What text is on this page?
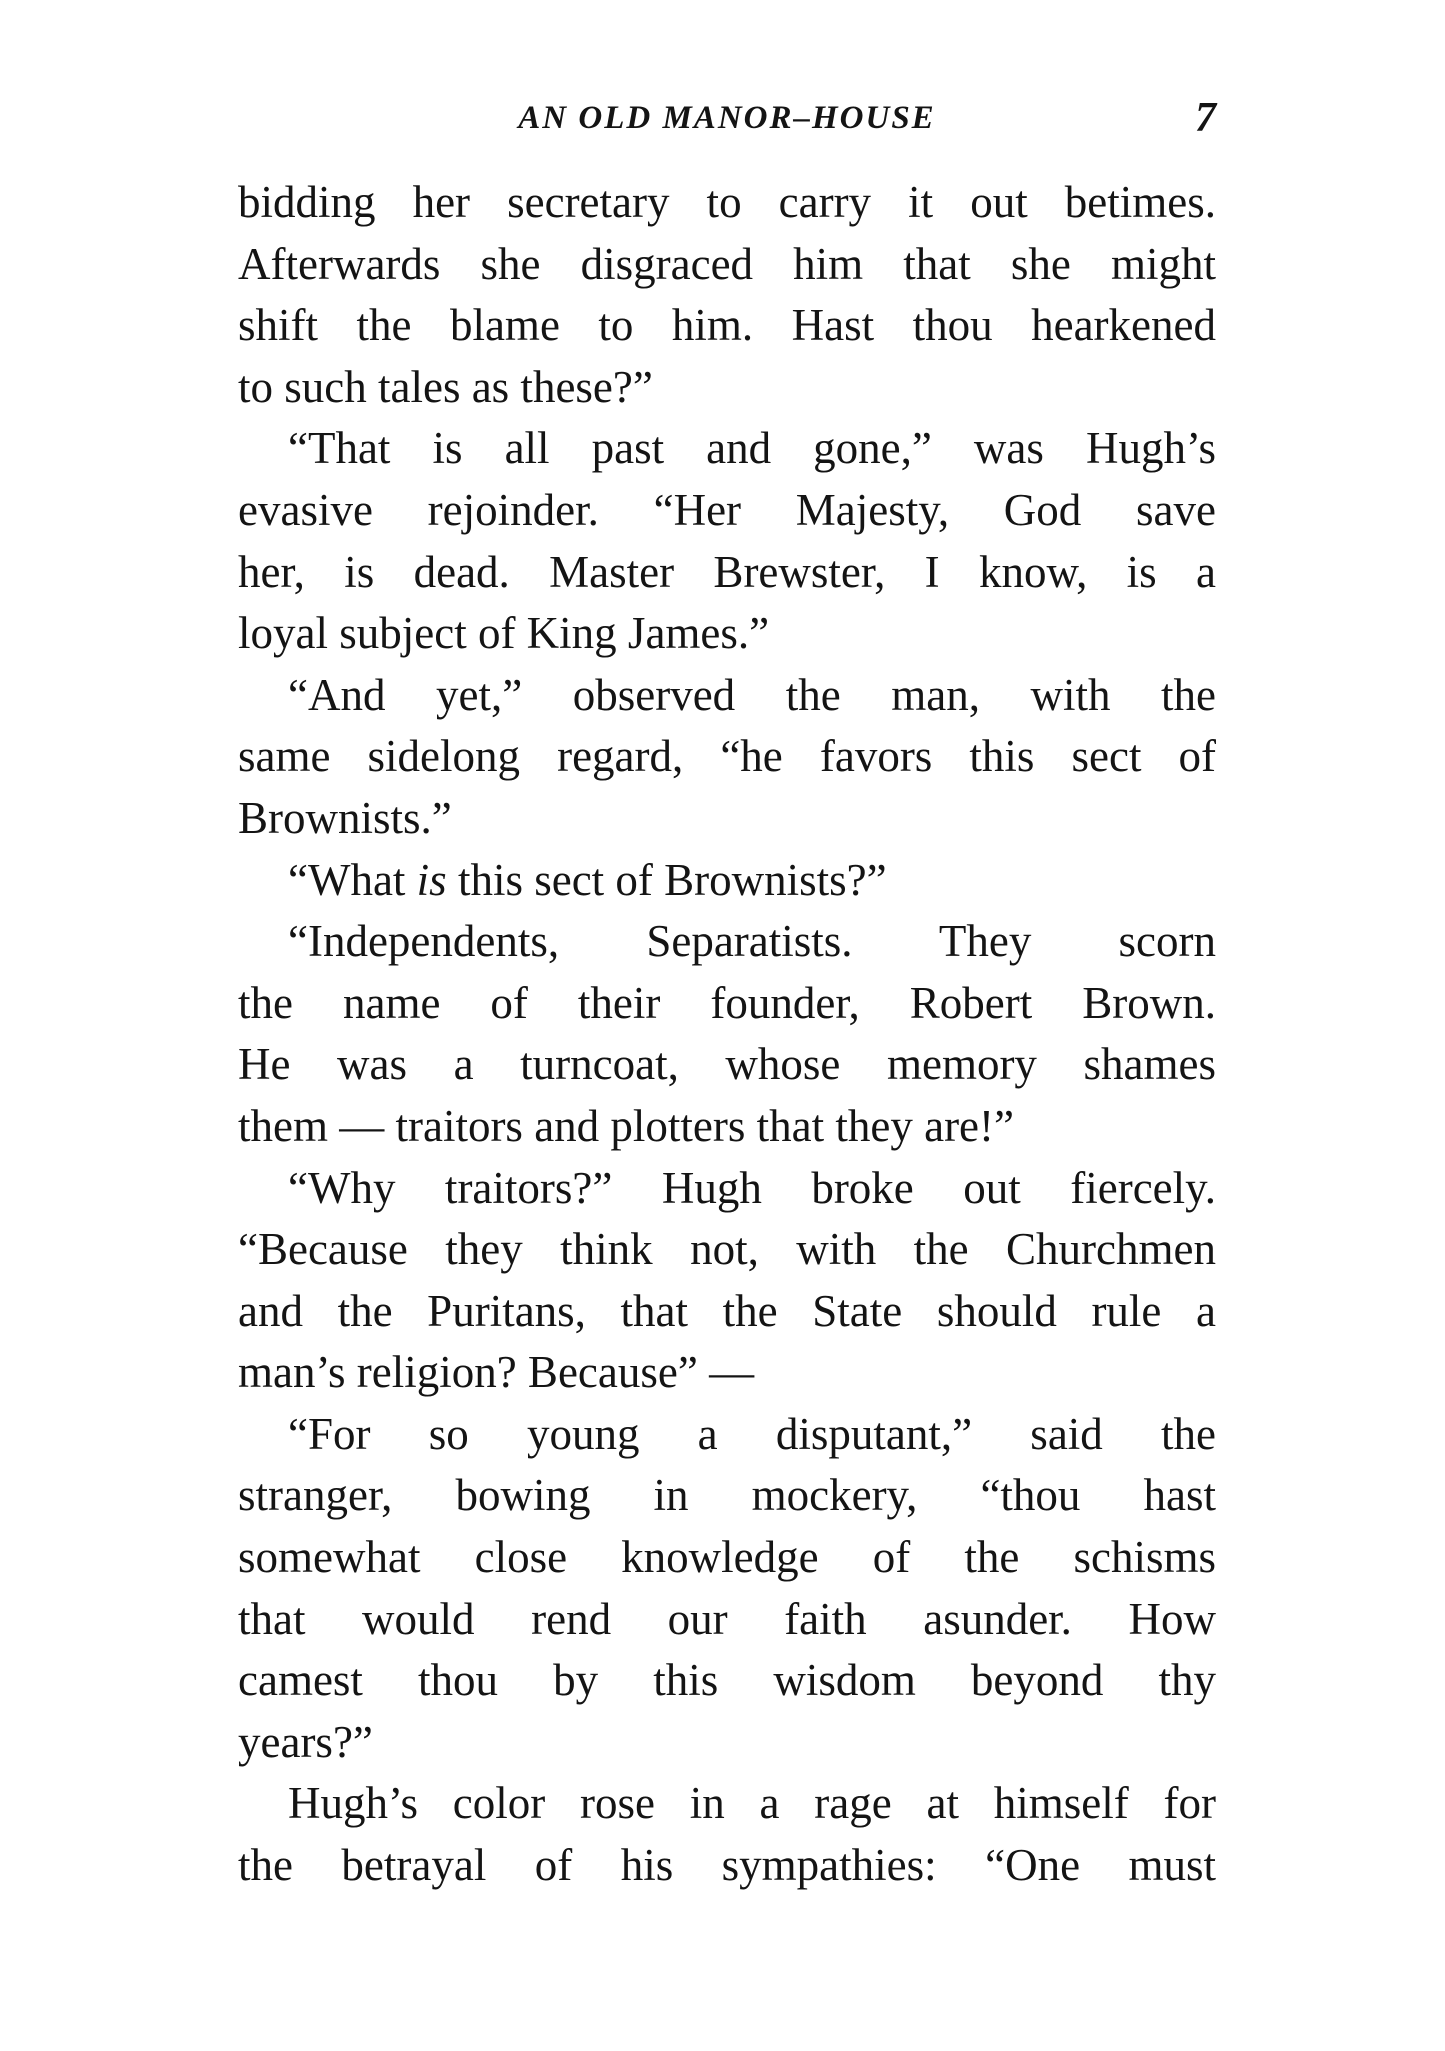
AN OLD MANOR–HOUSE	7
bidding her secretary to carry it out betimes.
Afterwards she disgraced him that she might
shift the blame to him. Hast thou hearkened
to such tales as these?”
“That is all past and gone,” was Hugh’s
evasive rejoinder. “Her Majesty, God save
her, is dead. Master Brewster, I know, is a
loyal subject of King James.”
“And yet,” observed the man, with the
same sidelong regard, “he favors this sect of
Brownists.”
“What is this sect of Brownists?”
“Independents, Separatists. They scorn
the name of their founder, Robert Brown.
He was a turncoat, whose memory shames
them — traitors and plotters that they are!”
“Why traitors?” Hugh broke out fiercely.
“Because they think not, with the Churchmen
and the Puritans, that the State should rule a
man’s religion? Because” —
“For so young a disputant,” said the
stranger, bowing in mockery, “thou hast
somewhat close knowledge of the schisms
that would rend our faith asunder. How
camest thou by this wisdom beyond thy
years?”
Hugh’s color rose in a rage at himself for
the betrayal of his sympathies: “One must
